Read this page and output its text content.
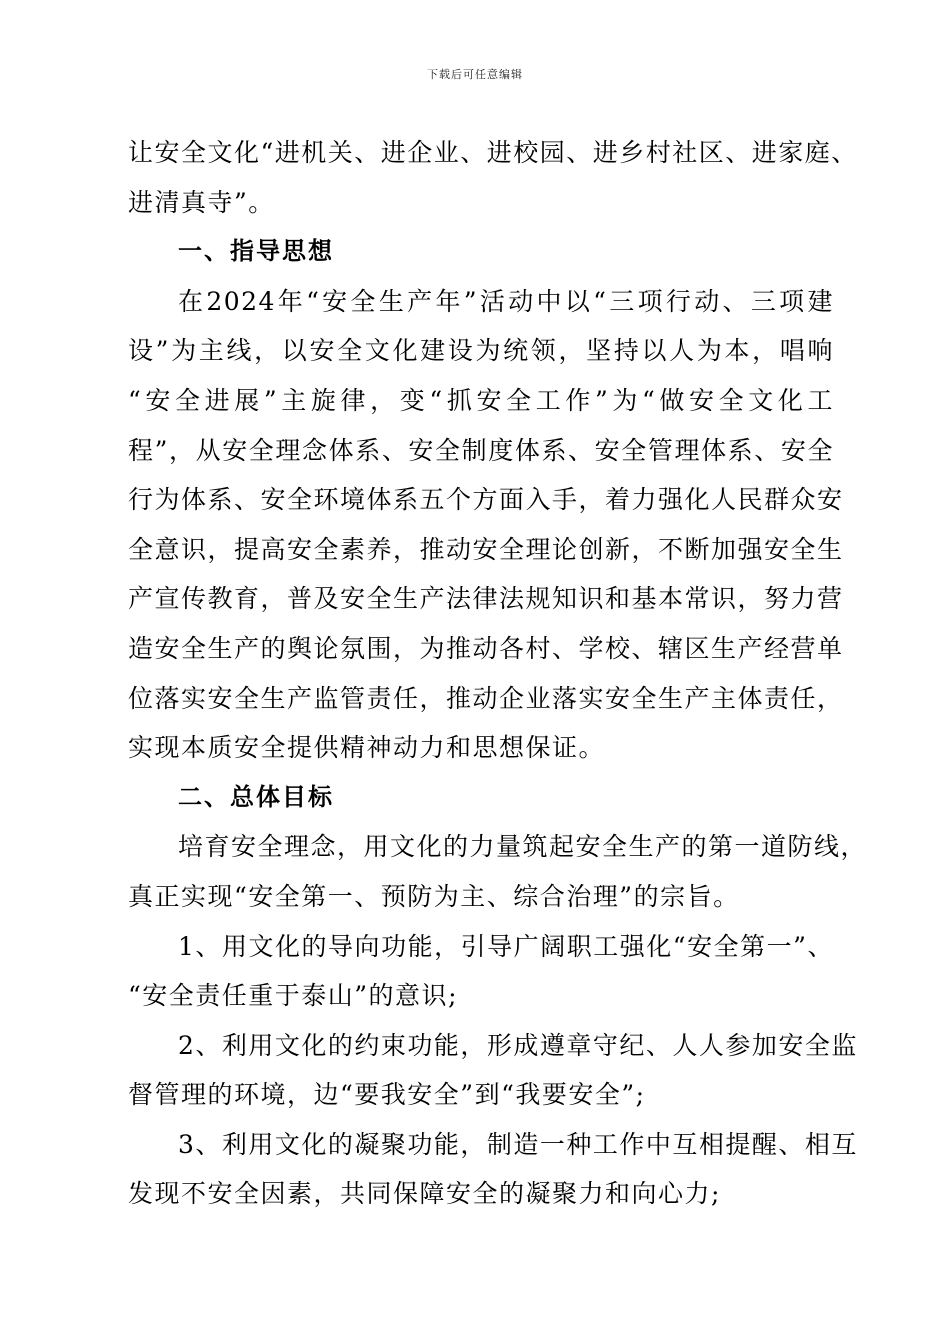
下载后可任意编辑
让安全文化“进机关、进企业、进校园、进乡村社区、进家庭、
进清真寺”。
一、指导思想
在2024年“安全生产年”活动中以“三项行动、三项建
设”为主线，以安全文化建设为统领，坚持以人为本，唱响
“安全进展”主旋律，变“抓安全工作”为“做安全文化工
程”，从安全理念体系、安全制度体系、安全管理体系、安全
行为体系、安全环境体系五个方面入手，着力强化人民群众安
全意识，提高安全素养，推动安全理论创新，不断加强安全生
产宣传教育，普及安全生产法律法规知识和基本常识，努力营
造安全生产的舆论氛围，为推动各村、学校、辖区生产经营单
位落实安全生产监管责任，推动企业落实安全生产主体责任，
实现本质安全提供精神动力和思想保证。
二、总体目标
培育安全理念，用文化的力量筑起安全生产的第一道防线，
真正实现“安全第一、预防为主、综合治理”的宗旨。
1、用文化的导向功能，引导广阔职工强化“安全第一”、
“安全责任重于泰山”的意识;
2、利用文化的约束功能，形成遵章守纪、人人参加安全监
督管理的环境，边“要我安全”到“我要安全”;
3、利用文化的凝聚功能，制造一种工作中互相提醒、相互
发现不安全因素，共同保障安全的凝聚力和向心力;
